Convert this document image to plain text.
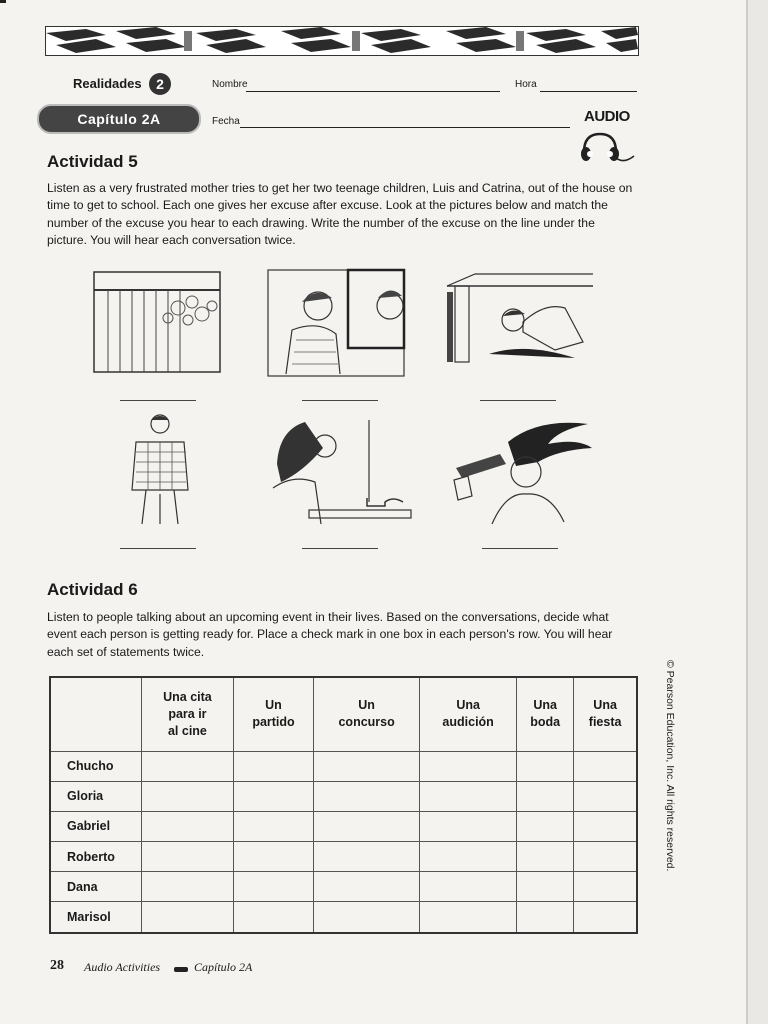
Realidades	2
Capítulo 2A
Nombre	Hora
Fecha	AUDIO
Actividad 5
Listen as a very frustrated mother tries to get her two teenage children, Luis and Catrina, out of the house on time to get to school. Each one gives her excuse after excuse. Look at the pictures below and match the number of the excuse you hear to each drawing. Write the number of the excuse on the line under the picture. You will hear each conversation twice.
Actividad 6
Listen to people talking about an upcoming event in their lives. Based on the conversations, decide what event each person is getting ready for. Place a check mark in one box in each person's row. You will hear each set of statements twice.
	Una cita
para ir
al cine	Un
partido	Un
concurso	Una
audición	Una
boda	Una
fiesta
Chucho						
Gloria						
Gabriel						
Roberto						
Dana						
Marisol						
© Pearson Education, Inc. All rights reserved.
28 Audio Activities	Capítulo 2A
